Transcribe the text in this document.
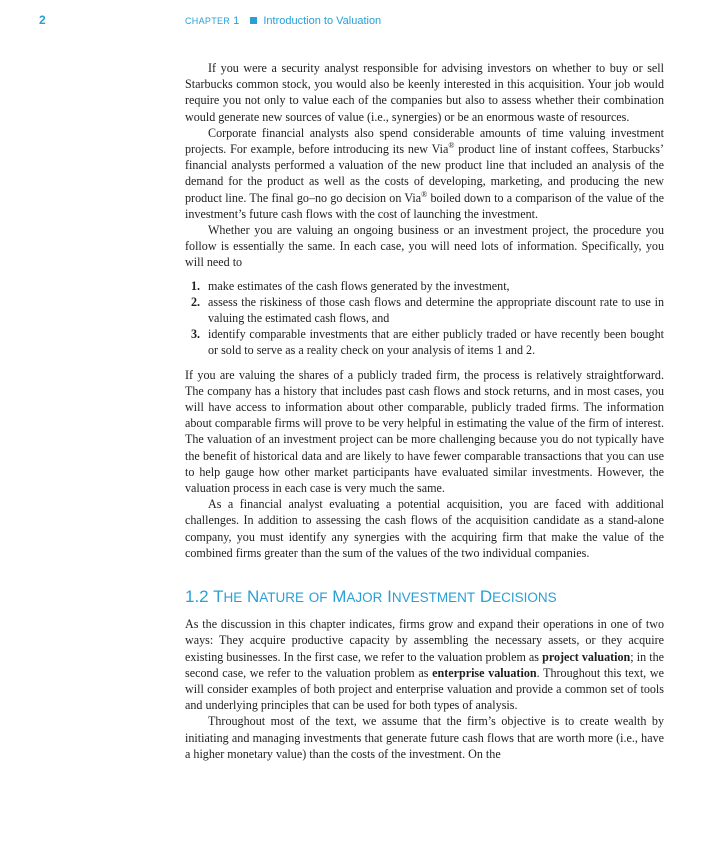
2	CHAPTER 1 Introduction to Valuation

If you were a security analyst responsible for advising investors on whether to buy or sell Starbucks common stock, you would also be keenly interested in this acquisition. Your job would require you not only to value each of the companies but also to assess whether their combination would generate new sources of value (i.e., synergies) or be an enormous waste of resources.

Corporate financial analysts also spend considerable amounts of time valuing investment projects. For example, before introducing its new Via® product line of instant coffees, Starbucks’ financial analysts performed a valuation of the new product line that included an analysis of the demand for the product as well as the costs of developing, marketing, and producing the new product line. The final go–no go decision on Via® boiled down to a comparison of the value of the investment’s future cash flows with the cost of launching the investment.

Whether you are valuing an ongoing business or an investment project, the procedure you follow is essentially the same. In each case, you will need lots of information. Specifically, you will need to

1. make estimates of the cash flows generated by the investment,
2. assess the riskiness of those cash flows and determine the appropriate discount rate to use in valuing the estimated cash flows, and
3. identify comparable investments that are either publicly traded or have recently been bought or sold to serve as a reality check on your analysis of items 1 and 2.

If you are valuing the shares of a publicly traded firm, the process is relatively straightforward. The company has a history that includes past cash flows and stock returns, and in most cases, you will have access to information about other comparable, publicly traded firms. The information about comparable firms will prove to be very helpful in estimating the value of the firm of interest. The valuation of an investment project can be more challenging because you do not typically have the benefit of historical data and are likely to have fewer comparable transactions that you can use to help gauge how other market participants have evaluated similar investments. However, the valuation process in each case is very much the same.

As a financial analyst evaluating a potential acquisition, you are faced with additional challenges. In addition to assessing the cash flows of the acquisition candidate as a stand-alone company, you must identify any synergies with the acquiring firm that make the value of the combined firms greater than the sum of the values of the two individual companies.

1.2 THE NATURE OF MAJOR INVESTMENT DECISIONS

As the discussion in this chapter indicates, firms grow and expand their operations in one of two ways: They acquire productive capacity by assembling the necessary assets, or they acquire existing businesses. In the first case, we refer to the valuation problem as project valuation; in the second case, we refer to the valuation problem as enterprise valuation. Throughout this text, we will consider examples of both project and enterprise valuation and provide a common set of tools and underlying principles that can be used for both types of analysis.

Throughout most of the text, we assume that the firm’s objective is to create wealth by initiating and managing investments that generate future cash flows that are worth more (i.e., have a higher monetary value) than the costs of the investment. On the
